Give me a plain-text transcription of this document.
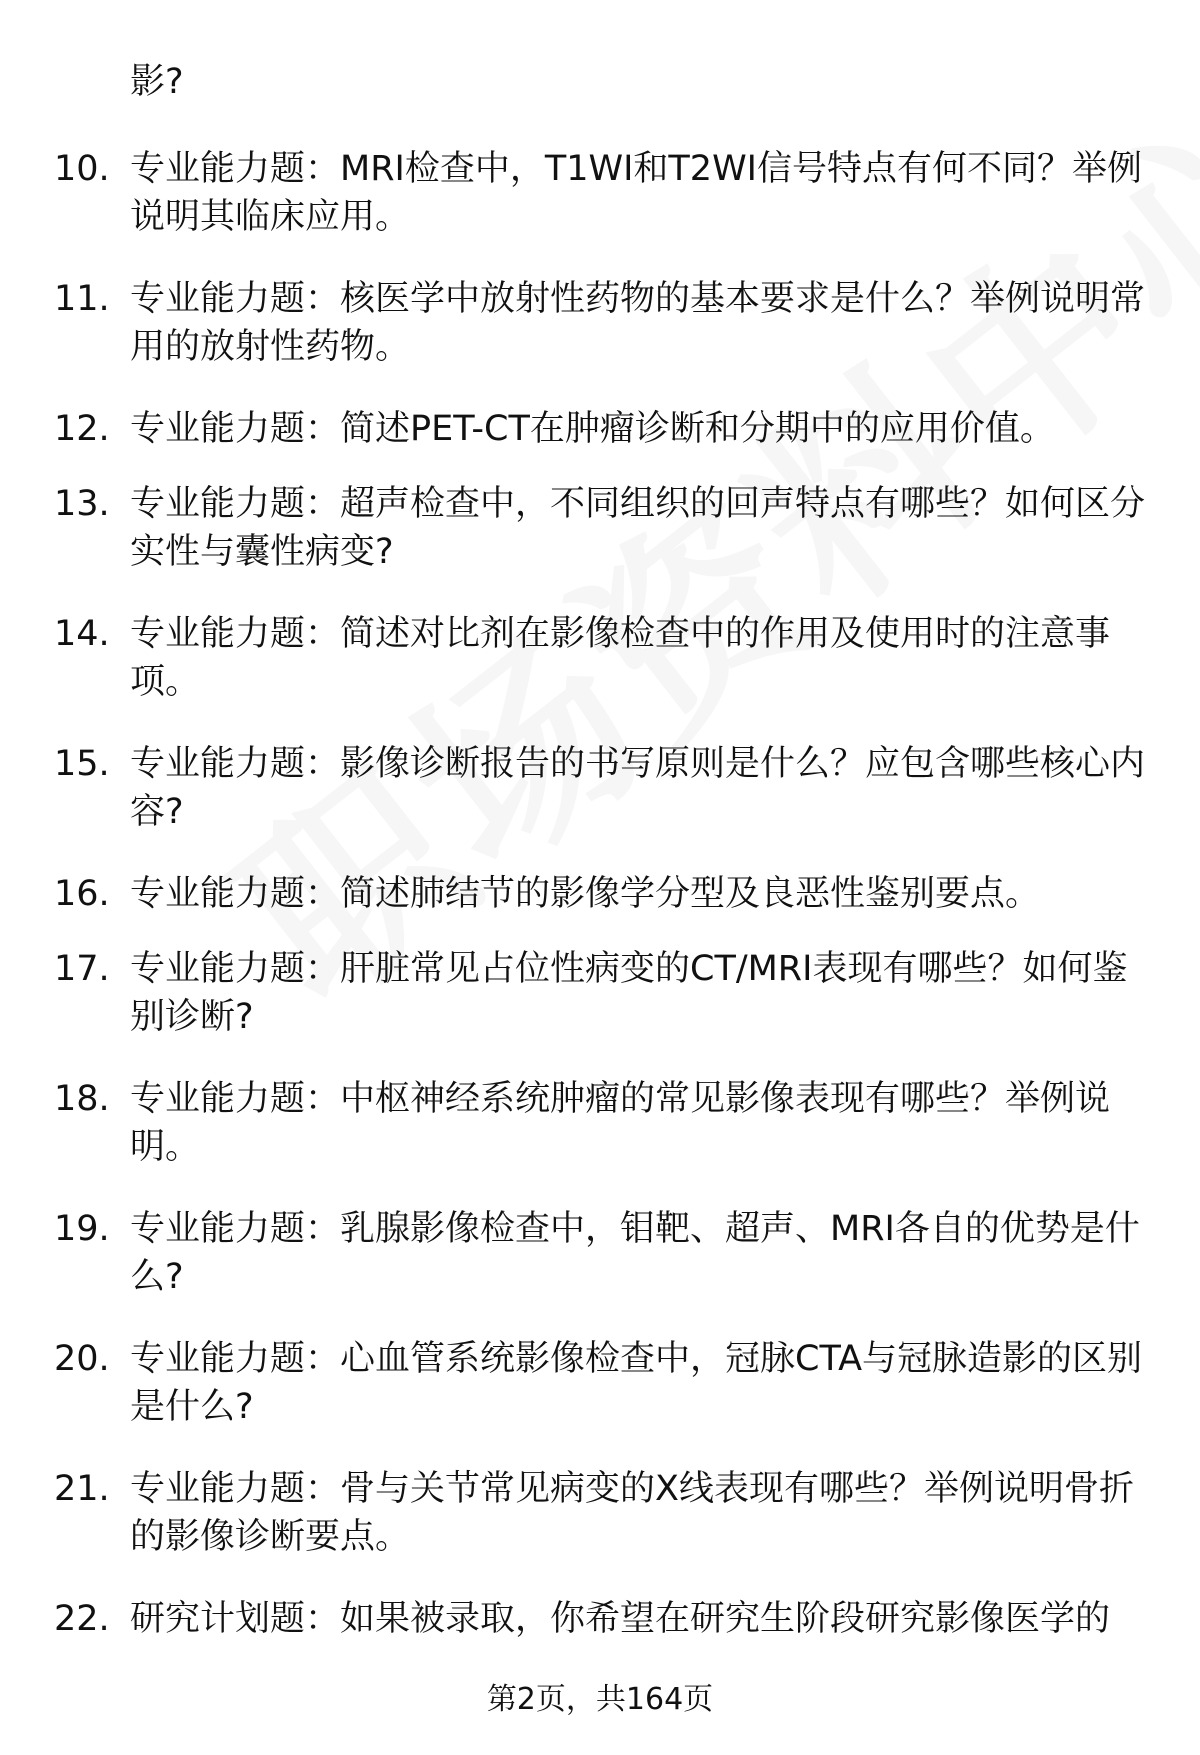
影?
10. 专业能力题：MRI检查中，T1WI和T2WI信号特点有何不同？举例说明其临床应用。
11. 专业能力题：核医学中放射性药物的基本要求是什么？举例说明常用的放射性药物。
12. 专业能力题：简述PET-CT在肿瘤诊断和分期中的应用价值。
13. 专业能力题：超声检查中，不同组织的回声特点有哪些？如何区分实性与囊性病变?
14. 专业能力题：简述对比剂在影像检查中的作用及使用时的注意事项。
15. 专业能力题：影像诊断报告的书写原则是什么？应包含哪些核心内容?
16. 专业能力题：简述肺结节的影像学分型及良恶性鉴别要点。
17. 专业能力题：肝脏常见占位性病变的CT/MRI表现有哪些？如何鉴别诊断?
18. 专业能力题：中枢神经系统肿瘤的常见影像表现有哪些？举例说明。
19. 专业能力题：乳腺影像检查中，钼靶、超声、MRI各自的优势是什么?
20. 专业能力题：心血管系统影像检查中，冠脉CTA与冠脉造影的区别是什么?
21. 专业能力题：骨与关节常见病变的X线表现有哪些？举例说明骨折的影像诊断要点。
22. 研究计划题：如果被录取，你希望在研究生阶段研究影像医学的
第2页，共164页
